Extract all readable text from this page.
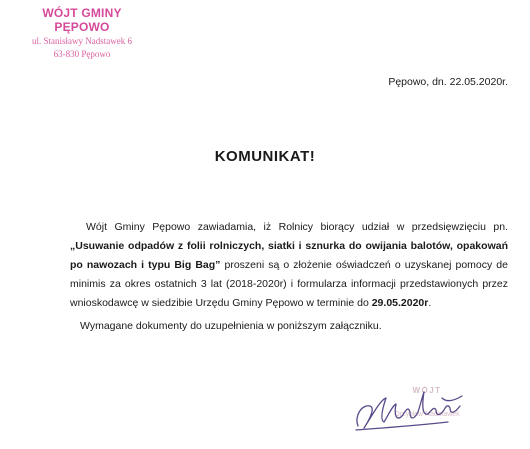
WÓJT GMINY
PĘPOWO
ul. Stanisławy Nadstawek 6
63-830 Pępowo
Pępowo, dn. 22.05.2020r.
KOMUNIKAT!

Wójt Gminy Pępowo zawiadamia, iż Rolnicy biorący udział w przedsięwzięciu pn. „Usuwanie odpadów z folii rolniczych, siatki i sznurka do owijania balotów, opakowań po nawozach i typu Big Bag” proszeni są o złożenie oświadczeń o uzyskanej pomocy de minimis za okres ostatnich 3 lat (2018-2020r) i formularza informacji przedstawionych przez wnioskodawcę w siedzibie Urzędu Gminy Pępowo w terminie do 29.05.2020r.

Wymagane dokumenty do uzupełnienia w poniższym załączniku.

WÓJT
Orzysław Nadstawek
